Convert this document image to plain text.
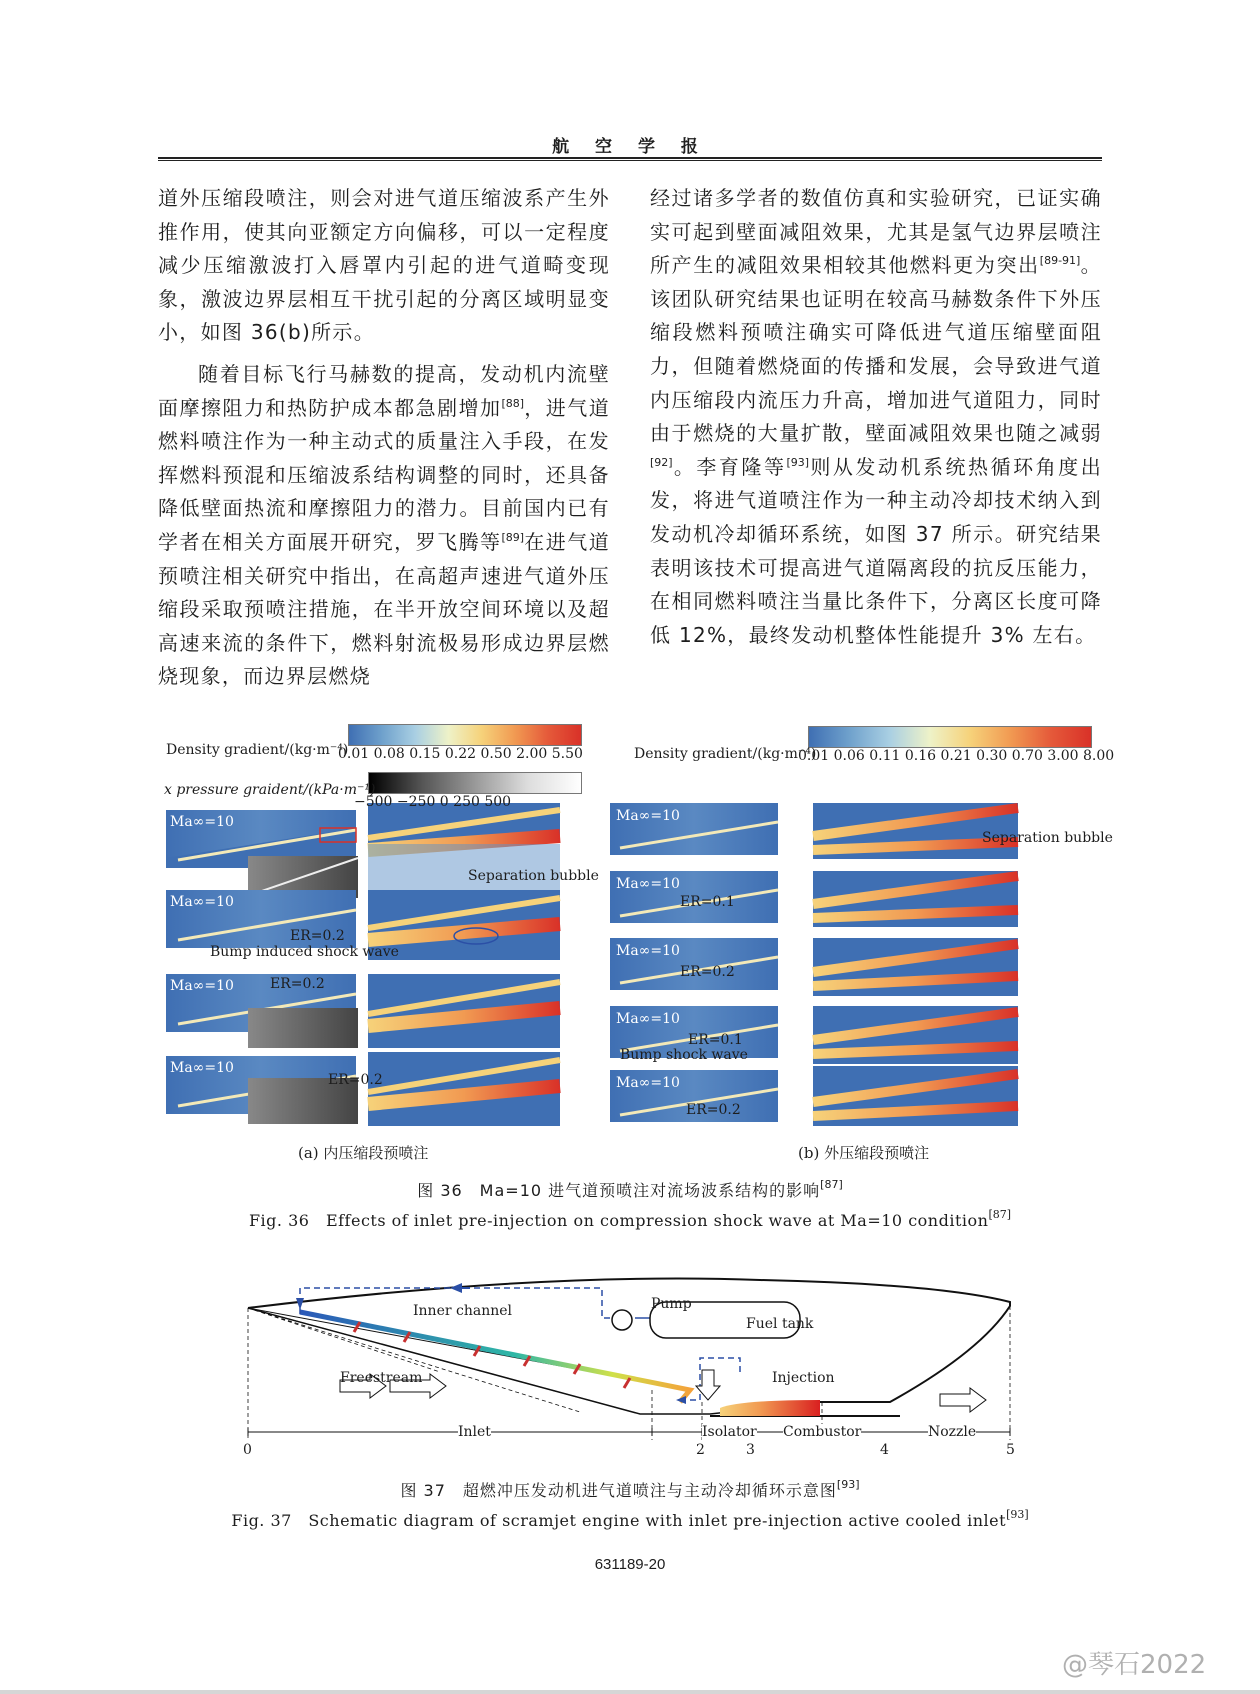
航 空 学 报

道外压缩段喷注，则会对进气道压缩波系产生外推作用，使其向亚额定方向偏移，可以一定程度减少压缩激波打入唇罩内引起的进气道畸变现象，激波边界层相互干扰引起的分离区域明显变小，如图 36(b)所示。

随着目标飞行马赫数的提高，发动机内流壁面摩擦阻力和热防护成本都急剧增加[88]，进气道燃料喷注作为一种主动式的质量注入手段，在发挥燃料预混和压缩波系结构调整的同时，还具备降低壁面热流和摩擦阻力的潜力。目前国内已有学者在相关方面展开研究，罗飞腾等[89]在进气道预喷注相关研究中指出，在高超声速进气道外压缩段采取预喷注措施，在半开放空间环境以及超高速来流的条件下，燃料射流极易形成边界层燃烧现象，而边界层燃烧

经过诸多学者的数值仿真和实验研究，已证实确实可起到壁面减阻效果，尤其是氢气边界层喷注所产生的减阻效果相较其他燃料更为突出[89-91]。该团队研究结果也证明在较高马赫数条件下外压缩段燃料预喷注确实可降低进气道压缩壁面阻力，但随着燃烧面的传播和发展，会导致进气道内压缩段内流压力升高，增加进气道阻力，同时由于燃烧的大量扩散，壁面减阻效果也随之减弱[92]。李育隆等[93]则从发动机系统热循环角度出发，将进气道喷注作为一种主动冷却技术纳入到发动机冷却循环系统，如图 37 所示。研究结果表明该技术可提高进气道隔离段的抗反压能力，在相同燃料喷注当量比条件下，分离区长度可降低 12%，最终发动机整体性能提升 3% 左右。

Density gradient/(kg·m⁻⁴)
0.01 0.08 0.15 0.22 0.50 2.00 5.50
x pressure graident/(kPa·m⁻¹)
−500 −250 0 250 500
Density gradient/(kg·m⁻⁴)
0.01 0.06 0.11 0.16 0.21 0.30 0.70 3.00 8.00
Ma∞=10
Ma∞=10
Ma∞=10
Ma∞=10
Ma∞=10
Ma∞=10
Ma∞=10
Ma∞=10
Ma∞=10
Separation bubble
ER=0.2
Bump induced shock wave
ER=0.2
ER=0.2
Separation bubble
ER=0.1
ER=0.2
ER=0.1
Bump shock wave
ER=0.2
(a) 内压缩段预喷注	(b) 外压缩段预喷注
图 36　Ma=10 进气道预喷注对流场波系结构的影响[87]
Fig. 36　Effects of inlet pre-injection on compression shock wave at Ma=10 condition[87]
Inner channel	Pump
Fuel tank
Freestream	Injection
Inlet	Isolator Combustor	Nozzle
0	2	3	4	5
图 37　超燃冲压发动机进气道喷注与主动冷却循环示意图[93]
Fig. 37　Schematic diagram of scramjet engine with inlet pre-injection active cooled inlet[93]
631189-20
@琴石2022
